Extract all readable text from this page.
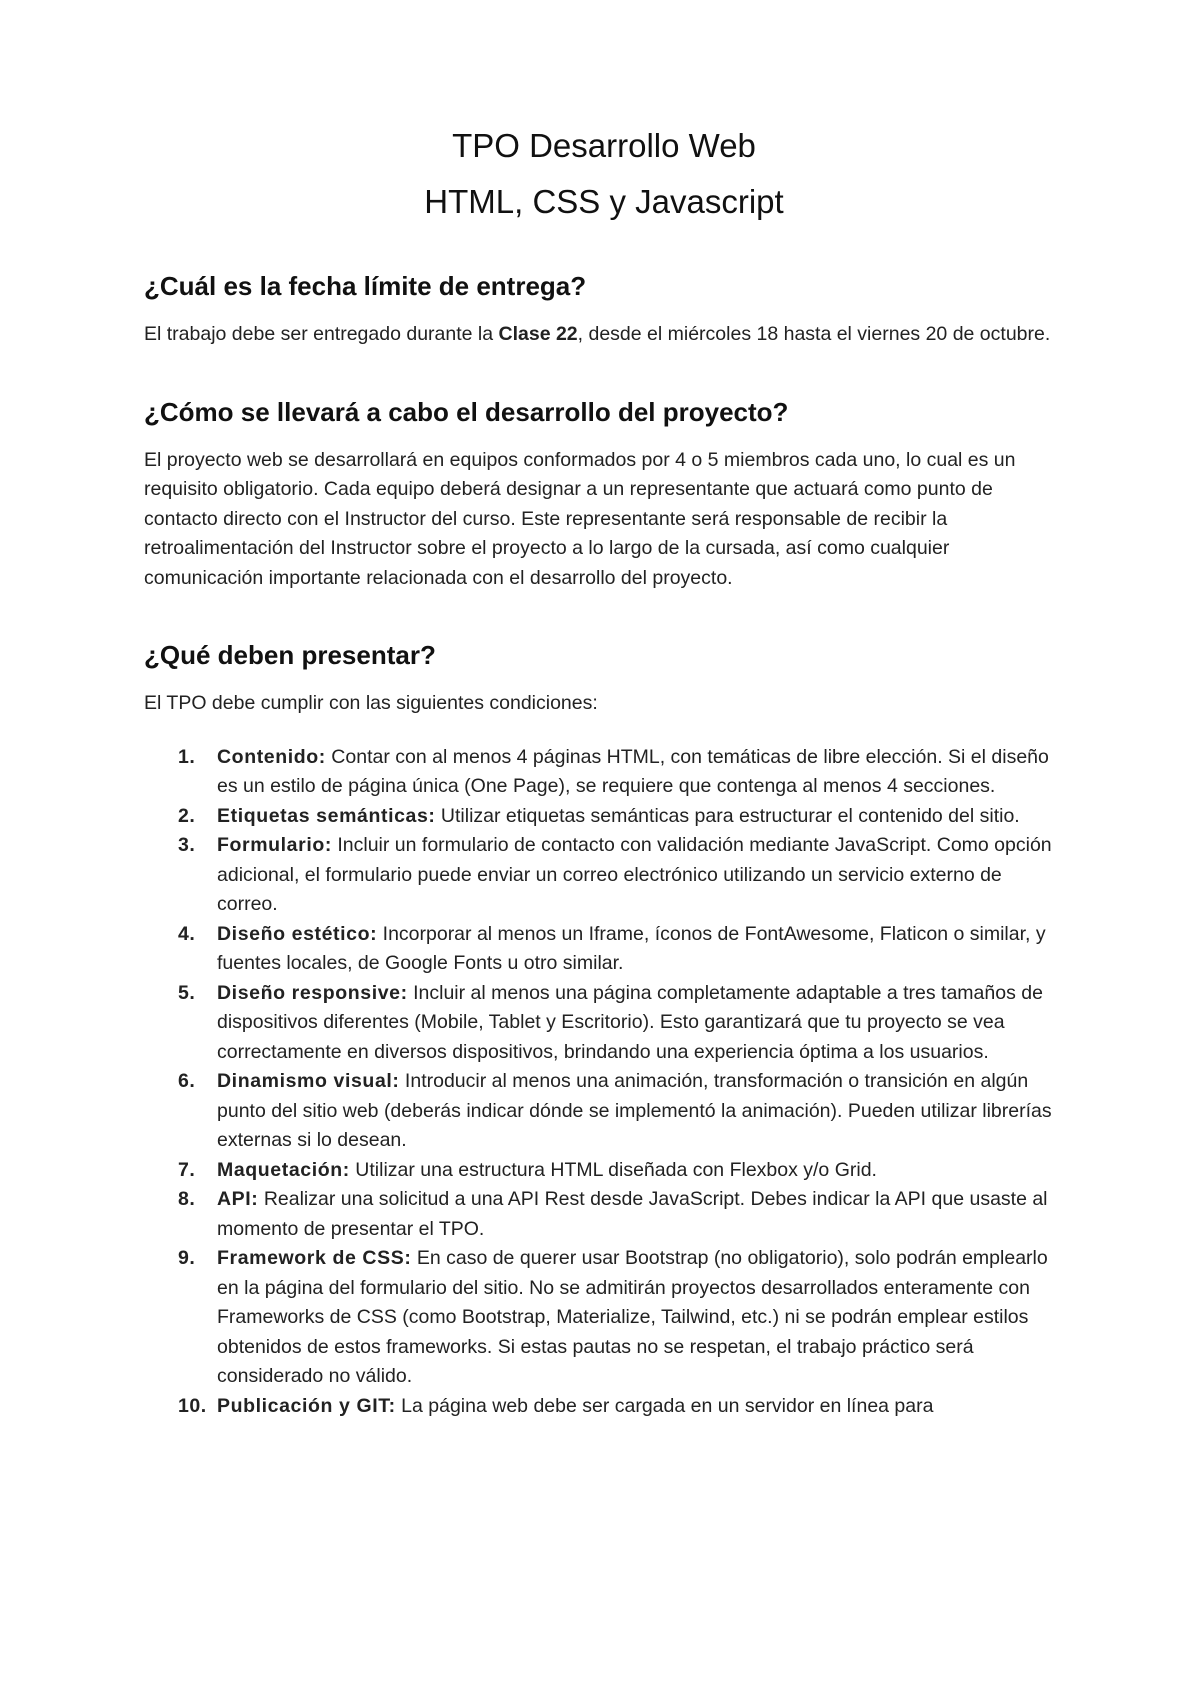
TPO Desarrollo Web
HTML, CSS y Javascript
¿Cuál es la fecha límite de entrega?

El trabajo debe ser entregado durante la Clase 22, desde el miércoles 18 hasta el viernes 20 de octubre.

¿Cómo se llevará a cabo el desarrollo del proyecto?

El proyecto web se desarrollará en equipos conformados por 4 o 5 miembros cada uno, lo cual es un requisito obligatorio. Cada equipo deberá designar a un representante que actuará como punto de contacto directo con el Instructor del curso. Este representante será responsable de recibir la retroalimentación del Instructor sobre el proyecto a lo largo de la cursada, así como cualquier comunicación importante relacionada con el desarrollo del proyecto.

¿Qué deben presentar?

El TPO debe cumplir con las siguientes condiciones:

1.	Contenido: Contar con al menos 4 páginas HTML, con temáticas de libre elección. Si el diseño es un estilo de página única (One Page), se requiere que contenga al menos 4 secciones.
2.	Etiquetas semánticas: Utilizar etiquetas semánticas para estructurar el contenido del sitio.
3.	Formulario: Incluir un formulario de contacto con validación mediante JavaScript. Como opción adicional, el formulario puede enviar un correo electrónico utilizando un servicio externo de correo.
4.	Diseño estético: Incorporar al menos un Iframe, íconos de FontAwesome, Flaticon o similar, y fuentes locales, de Google Fonts u otro similar.
5.	Diseño responsive: Incluir al menos una página completamente adaptable a tres tamaños de dispositivos diferentes (Mobile, Tablet y Escritorio). Esto garantizará que tu proyecto se vea correctamente en diversos dispositivos, brindando una experiencia óptima a los usuarios.
6.	Dinamismo visual: Introducir al menos una animación, transformación o transición en algún punto del sitio web (deberás indicar dónde se implementó la animación). Pueden utilizar librerías externas si lo desean.
7.	Maquetación: Utilizar una estructura HTML diseñada con Flexbox y/o Grid.
8.	API: Realizar una solicitud a una API Rest desde JavaScript. Debes indicar la API que usaste al momento de presentar el TPO.
9.	Framework de CSS: En caso de querer usar Bootstrap (no obligatorio), solo podrán emplearlo en la página del formulario del sitio. No se admitirán proyectos desarrollados enteramente con Frameworks de CSS (como Bootstrap, Materialize, Tailwind, etc.) ni se podrán emplear estilos obtenidos de estos frameworks. Si estas pautas no se respetan, el trabajo práctico será considerado no válido.
10. Publicación y GIT: La página web debe ser cargada en un servidor en línea para
